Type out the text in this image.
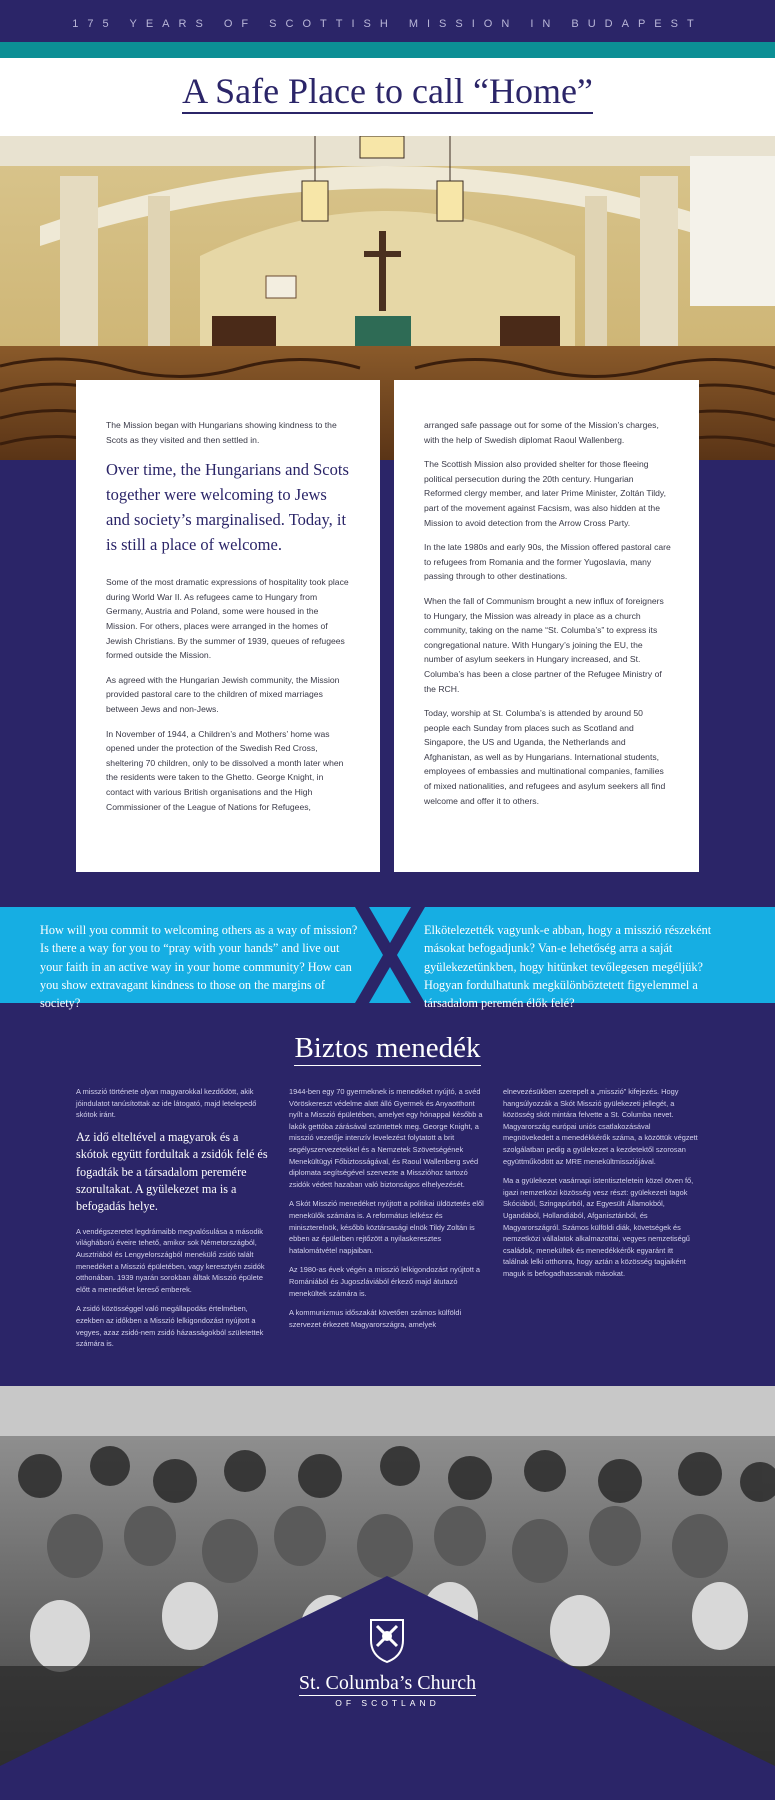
175 YEARS OF SCOTTISH MISSION IN BUDAPEST
A Safe Place to call “Home”

The Mission began with Hungarians showing kindness to the Scots as they visited and then settled in.

Over time, the Hungarians and Scots together were welcoming to Jews and society’s marginalised. Today, it is still a place of welcome.

Some of the most dramatic expressions of hospitality took place during World War II. As refugees came to Hungary from Germany, Austria and Poland, some were housed in the Mission. For others, places were arranged in the homes of Jewish Christians. By the summer of 1939, queues of refugees formed outside the Mission.

As agreed with the Hungarian Jewish community, the Mission provided pastoral care to the children of mixed marriages between Jews and non-Jews.

In November of 1944, a Children’s and Mothers’ home was opened under the protection of the Swedish Red Cross, sheltering 70 children, only to be dissolved a month later when the residents were taken to the Ghetto. George Knight, in contact with various British organisations and the High Commissioner of the League of Nations for Refugees,

arranged safe passage out for some of the Mission’s charges, with the help of Swedish diplomat Raoul Wallenberg.

The Scottish Mission also provided shelter for those fleeing political persecution during the 20th century. Hungarian Reformed clergy member, and later Prime Minister, Zoltán Tildy, part of the movement against Facsism, was also hidden at the Mission to avoid detection from the Arrow Cross Party.

In the late 1980s and early 90s, the Mission offered pastoral care to refugees from Romania and the former Yugoslavia, many passing through to other destinations.

When the fall of Communism brought a new influx of foreigners to Hungary, the Mission was already in place as a church community, taking on the name “St. Columba’s” to express its congregational nature. With Hungary’s joining the EU, the number of asylum seekers in Hungary increased, and St. Columba’s has been a close partner of the Refugee Ministry of the RCH.

Today, worship at St. Columba’s is attended by around 50 people each Sunday from places such as Scotland and Singapore, the US and Uganda, the Netherlands and Afghanistan, as well as by Hungarians. International students, employees of embassies and multinational companies, families of mixed nationalities, and refugees and asylum seekers all find welcome and offer it to others.

How will you commit to welcoming others as a way of mission? Is there a way for you to “pray with your hands” and live out your faith in an active way in your home community? How can you show extravagant kindness to those on the margins of society?
Elkötelezették vagyunk-e abban, hogy a misszió részeként másokat befogadjunk? Van-e lehetőség arra a saját gyülekezetünkben, hogy hitünket tevőlegesen megéljük? Hogyan fordulhatunk megkülönböztetett figyelemmel a társadalom peremén élők felé?
Biztos menedék

A misszió története olyan magyarokkal kezdődött, akik jóindulatot tanúsítottak az ide látogató, majd letelepedő skótok iránt.

Az idő elteltével a magyarok és a skótok együtt fordultak a zsidók felé és fogadták be a társadalom peremére szorultakat. A gyülekezet ma is a befogadás helye.

A vendégszeretet legdrámaibb megvalósulása a második világháború éveire tehető, amikor sok Németországból, Ausztriából és Lengyelországból menekülő zsidó talált menedéket a Misszió épületében, vagy keresztyén zsidók otthonában. 1939 nyarán sorokban álltak Misszió épülete előtt a menedéket kereső emberek.

A zsidó közösséggel való megállapodás értelmében, ezekben az időkben a Misszió lelkigondozást nyújtott a vegyes, azaz zsidó-nem zsidó házasságokból születettek számára is.

1944-ben egy 70 gyermeknek is menedéket nyújtó, a svéd Vöröskereszt védelme alatt álló Gyermek és Anyaotthont nyílt a Misszió épületében, amelyet egy hónappal később a lakók gettóba zárásával szüntettek meg. George Knight, a misszió vezetője intenzív levelezést folytatott a brit segélyszervezetekkel és a Nemzetek Szövetségének Menekültügyi Főbiztosságával, és Raoul Wallenberg svéd diplomata segítségével szervezte a Misszióhoz tartozó zsidók védett hazaban való biztonságos elhelyezését.

A Skót Misszió menedéket nyújtott a politikai üldöztetés elől menekülők számára is. A református lelkész és miniszterelnök, később köztársasági elnök Tildy Zoltán is ebben az épületben rejtőzött a nyilaskeresztes hatalomátvétel napjaiban.

Az 1980-as évek végén a misszió lelkigondozást nyújtott a Romániából és Jugoszláviából érkező majd átutazó menekültek számára is.

A kommunizmus időszakát követően számos külföldi szervezet érkezett Magyarországra, amelyek

elnevezésükben szerepelt a „misszió” kifejezés. Hogy hangsúlyozzák a Skót Misszió gyülekezeti jellegét, a közösség skót mintára felvette a St. Columba nevet. Magyarország európai uniós csatlakozásával megnövekedett a menedékkérők száma, a közöttük végzett szolgálatban pedig a gyülekezet a kezdetektől szorosan együttműködött az MRE menekültmissziójával.

Ma a gyülekezet vasárnapi istentiszteletein közel ötven fő, igazi nemzetközi közösség vesz részt: gyülekezeti tagok Skóciából, Szingapúrból, az Egyesült Államokból, Ugandából, Hollandiából, Afganisztánból, és Magyarországról. Számos külföldi diák, követségek és nemzetközi vállalatok alkalmazottai, vegyes nemzetiségű családok, menekültek és menedékkérők egyaránt itt találnak lelki otthonra, hogy aztán a közösség tagjaiként maguk is befogadhassanak másokat.

St. Columba’s Church
OF SCOTLAND
